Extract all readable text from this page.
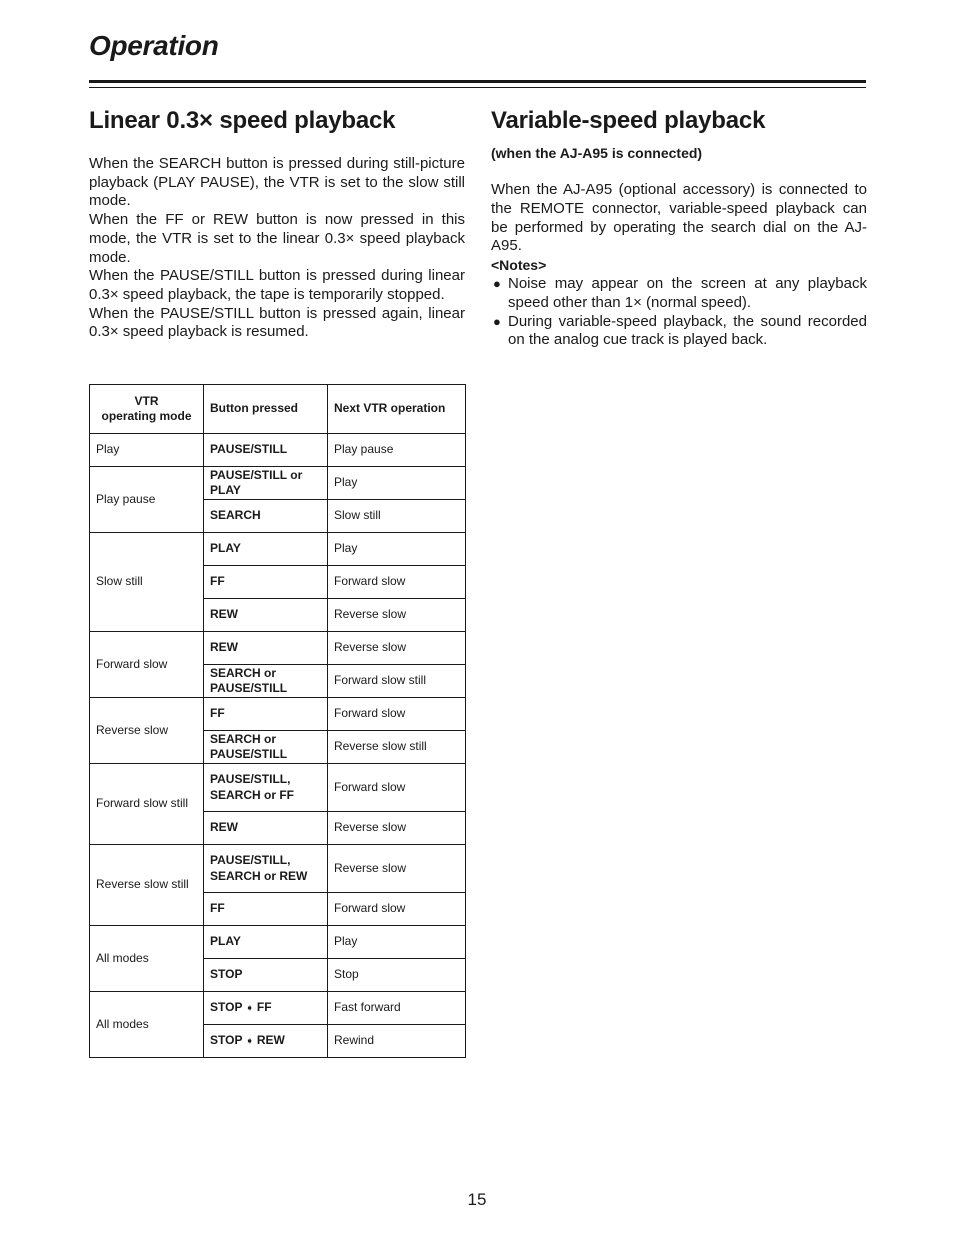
Operation
Linear 0.3× speed playback

When the SEARCH button is pressed during still-picture playback (PLAY PAUSE), the VTR is set to the slow still mode.

When the FF or REW button is now pressed in this mode, the VTR is set to the linear 0.3× speed playback mode.

When the PAUSE/STILL button is pressed during linear 0.3× speed playback, the tape is temporarily stopped.

When the PAUSE/STILL button is pressed again, linear 0.3× speed playback is resumed.

Variable-speed playback
(when the AJ-A95 is connected)
When the AJ-A95 (optional accessory) is connected to the REMOTE connector, variable-speed playback can be performed by operating the search dial on the AJ-A95.
<Notes>
● Noise may appear on the screen at any playback speed other than 1× (normal speed).
● During variable-speed playback, the sound recorded on the analog cue track is played back.
VTR
operating mode	Button pressed	Next VTR operation
Play	PAUSE/STILL	Play pause
Play pause	PAUSE/STILL or PLAY	Play
	SEARCH	Slow still
Slow still	PLAY	Play
	FF	Forward slow
	REW	Reverse slow
Forward slow	REW	Reverse slow
	SEARCH or PAUSE/STILL	Forward slow still
Reverse slow	FF	Forward slow
	SEARCH or PAUSE/STILL	Reverse slow still
Forward slow still	PAUSE/STILL, SEARCH or FF	Forward slow
	REW	Reverse slow
Reverse slow still	PAUSE/STILL, SEARCH or REW	Reverse slow
	FF	Forward slow
All modes	PLAY	Play
	STOP	Stop
All modes	STOP ➧ FF	Fast forward
	STOP ➧ REW	Rewind
15
